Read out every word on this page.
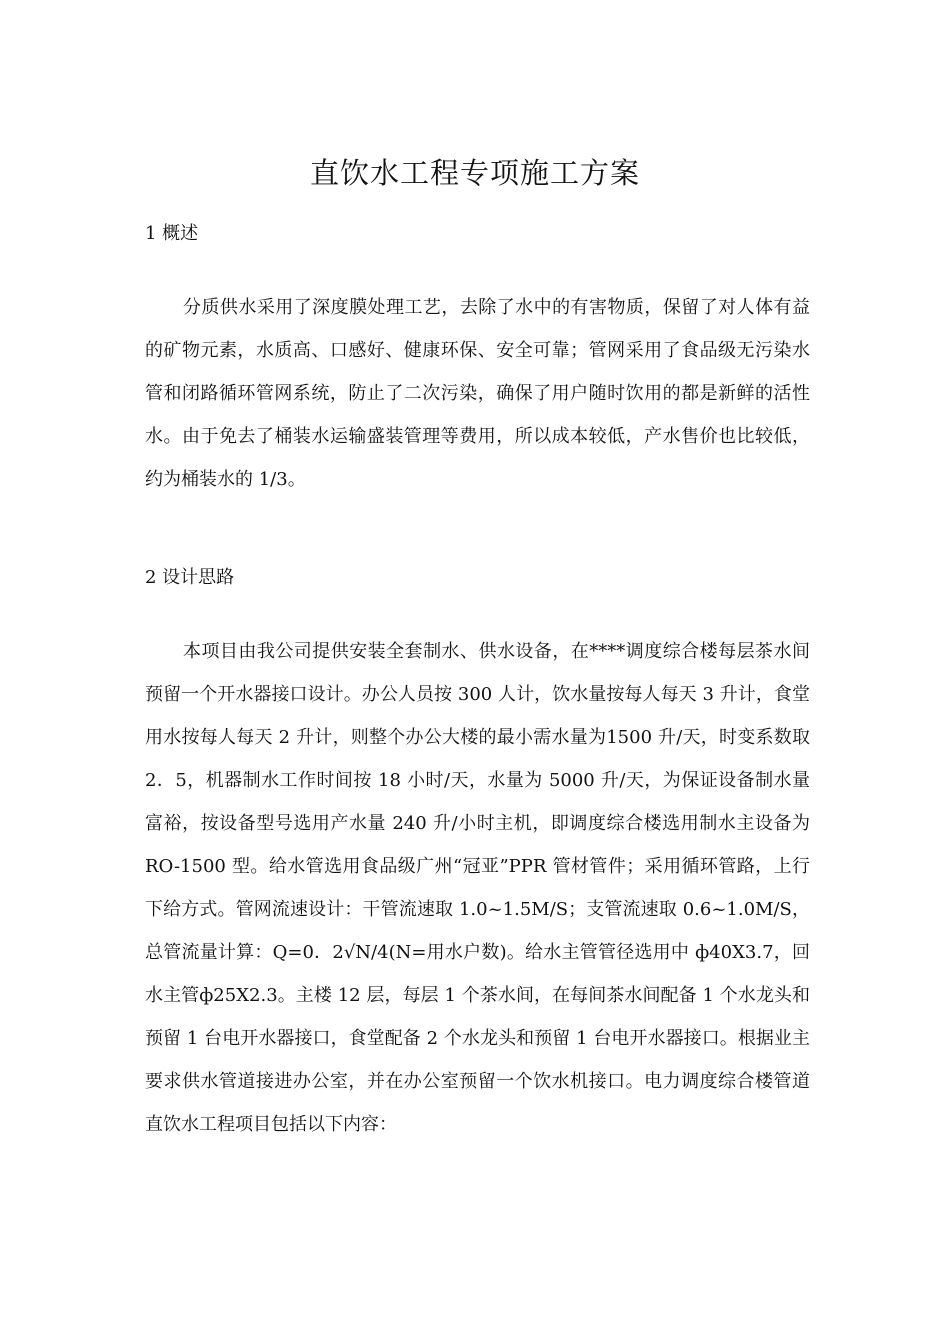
直饮水工程专项施工方案
1 概述

分质供水采用了深度膜处理工艺，去除了水中的有害物质，保留了对人体有益的矿物元素，水质高、口感好、健康环保、安全可靠；管网采用了食品级无污染水管和闭路循环管网系统，防止了二次污染，确保了用户随时饮用的都是新鲜的活性水。由于免去了桶装水运输盛装管理等费用，所以成本较低，产水售价也比较低，约为桶装水的 1/3。

2 设计思路

本项目由我公司提供安装全套制水、供水设备，在****调度综合楼每层茶水间预留一个开水器接口设计。办公人员按 300 人计，饮水量按每人每天 3 升计，食堂用水按每人每天 2 升计，则整个办公大楼的最小需水量为1500 升/天，时变系数取 2．5，机器制水工作时间按 18 小时/天，水量为 5000 升/天，为保证设备制水量富裕，按设备型号选用产水量 240 升/小时主机，即调度综合楼选用制水主设备为 RO-1500 型。给水管选用食品级广州“冠亚”PPR 管材管件；采用循环管路，上行下给方式。管网流速设计：干管流速取 1.0~1.5M/S；支管流速取 0.6~1.0M/S，总管流量计算：Q=0．2√N/4(N=用水户数)。给水主管管径选用中 ф40X3.7，回水主管ф25X2.3。主楼 12 层，每层 1 个茶水间，在每间茶水间配备 1 个水龙头和预留 1 台电开水器接口，食堂配备 2 个水龙头和预留 1 台电开水器接口。根据业主要求供水管道接进办公室，并在办公室预留一个饮水机接口。电力调度综合楼管道直饮水工程项目包括以下内容：
